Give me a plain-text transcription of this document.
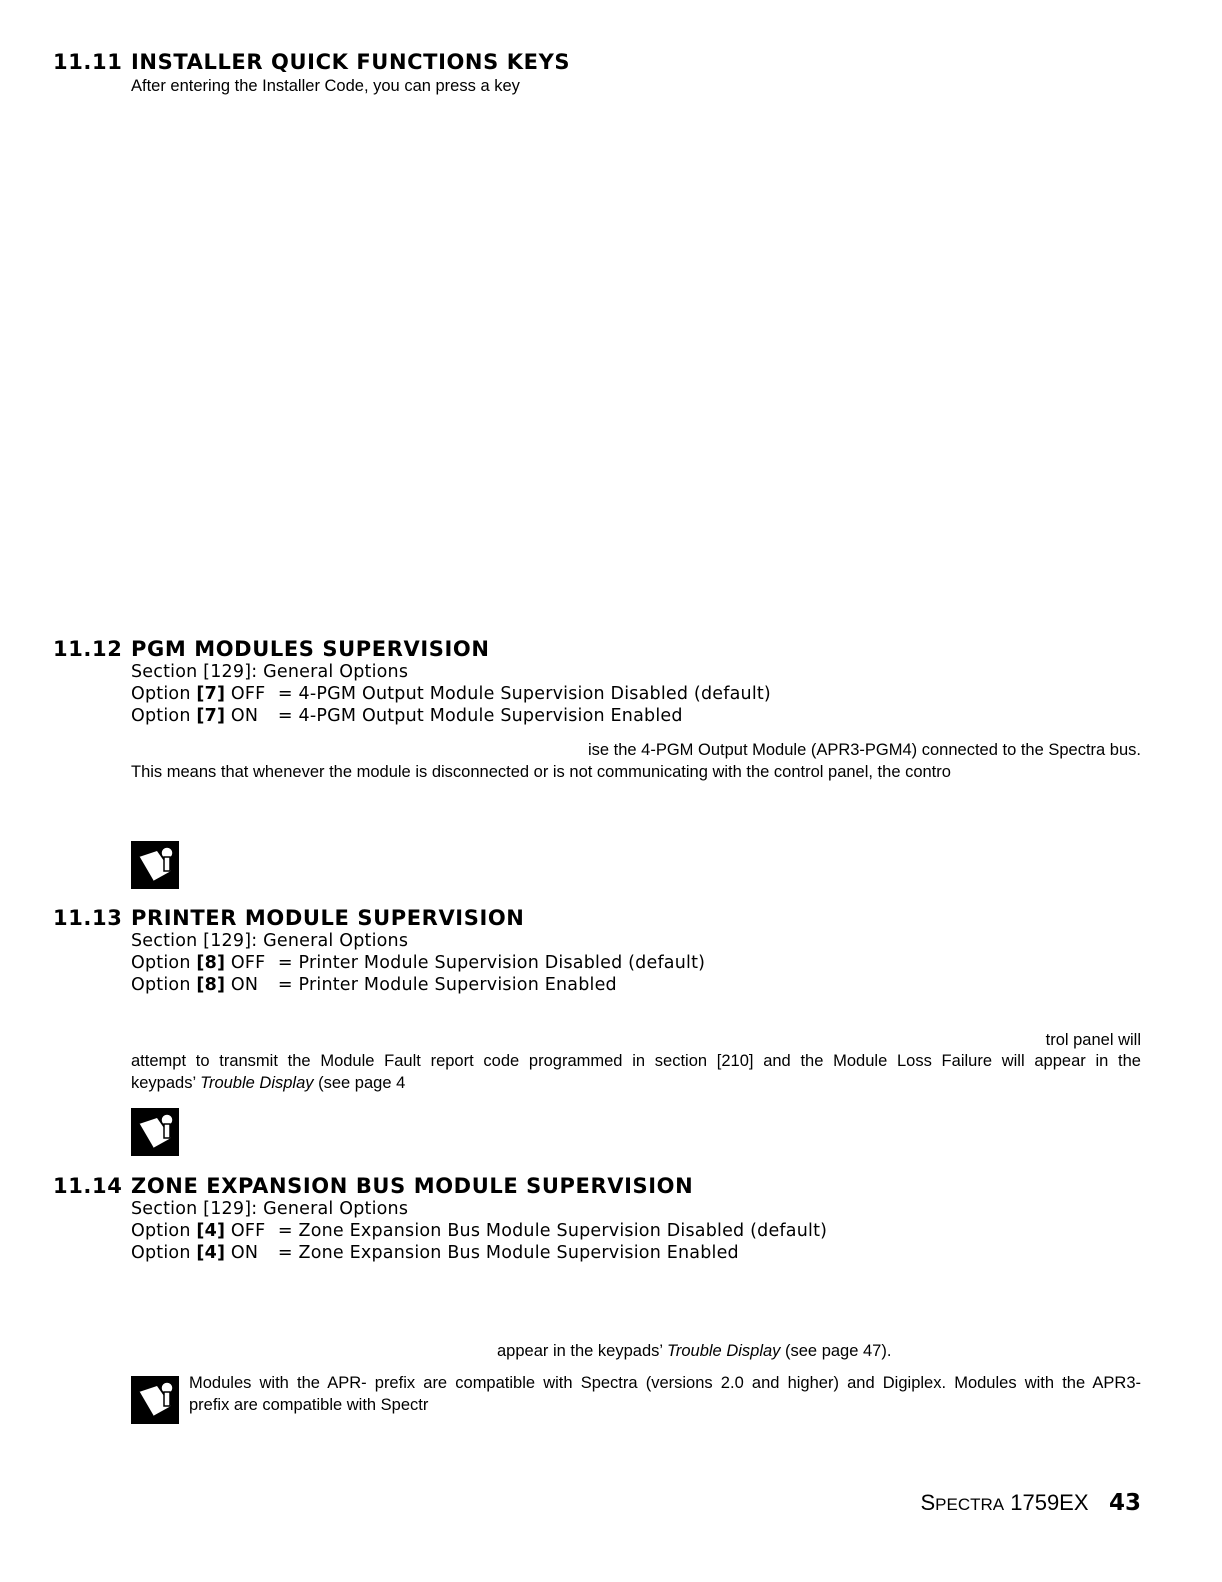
11.11 INSTALLER QUICK FUNCTIONS KEYS
After entering the Installer Code, you can press a key
11.12 PGM MODULES SUPERVISION
Section [129]: General Options
Option [7] OFF = 4-PGM Output Module Supervision Disabled (default)
Option [7] ON = 4-PGM Output Module Supervision Enabled
ise the 4-PGM Output Module (APR3-PGM4) connected to the Spectra bus.
This means that whenever the module is disconnected or is not communicating with the control panel, the contro
11.13 PRINTER MODULE SUPERVISION
Section [129]: General Options
Option [8] OFF = Printer Module Supervision Disabled (default)
Option [8] ON = Printer Module Supervision Enabled
trol panel will
attempt to transmit the Module Fault report code programmed in section [210] and the Module Loss Failure will appear in the
keypads’ Trouble Display (see page 4
11.14 ZONE EXPANSION BUS MODULE SUPERVISION
Section [129]: General Options
Option [4] OFF = Zone Expansion Bus Module Supervision Disabled (default)
Option [4] ON = Zone Expansion Bus Module Supervision Enabled
appear in the keypads’ Trouble Display (see page 47).
Modules with the APR- prefix are compatible with Spectra (versions 2.0 and higher) and Digiplex. Modules with the APR3-
prefix are compatible with Spectr
SPECTRA 1759EX 43
